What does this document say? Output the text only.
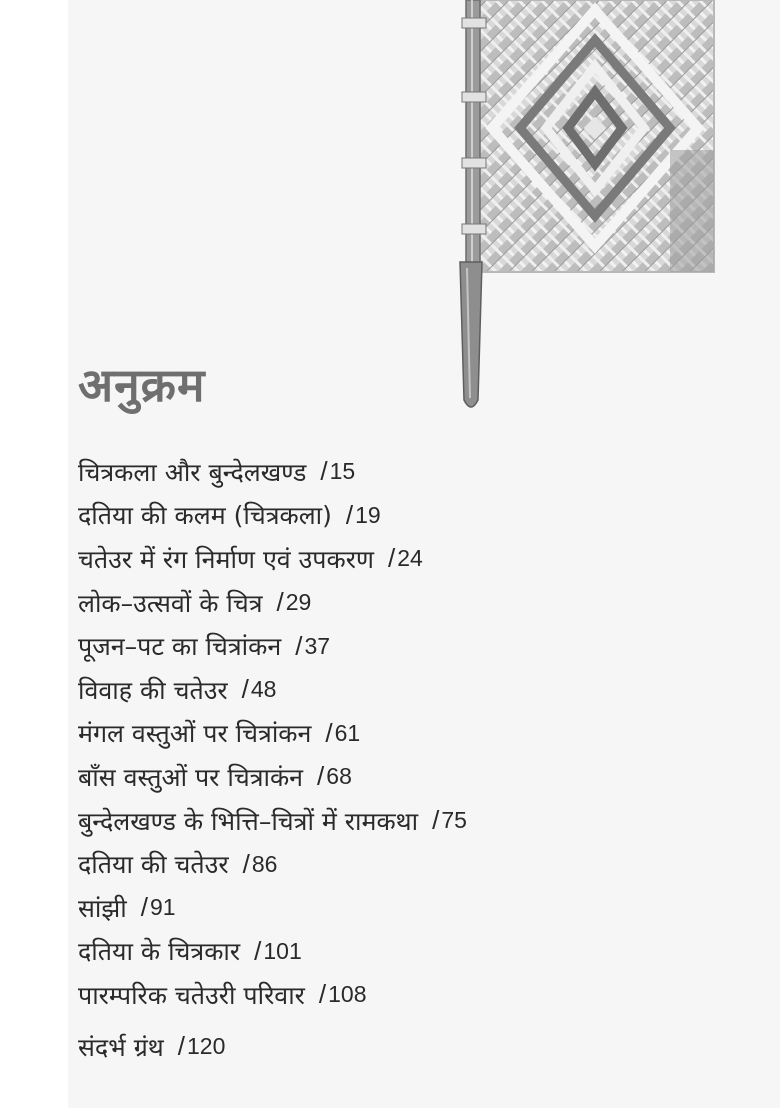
अनुक्रम
चित्रकला और बुन्देलखण्ड / 15
दतिया की कलम (चित्रकला) / 19
चतेउर में रंग निर्माण एवं उपकरण / 24
लोक–उत्सवों के चित्र / 29
पूजन–पट का चित्रांकन / 37
विवाह की चतेउर / 48
मंगल वस्तुओं पर चित्रांकन / 61
बाँस वस्तुओं पर चित्राकंन / 68
बुन्देलखण्ड के भित्ति–चित्रों में रामकथा / 75
दतिया की चतेउर / 86
सांझी / 91
दतिया के चित्रकार / 101
पारम्परिक चतेउरी परिवार / 108
संदर्भ ग्रंथ / 120
